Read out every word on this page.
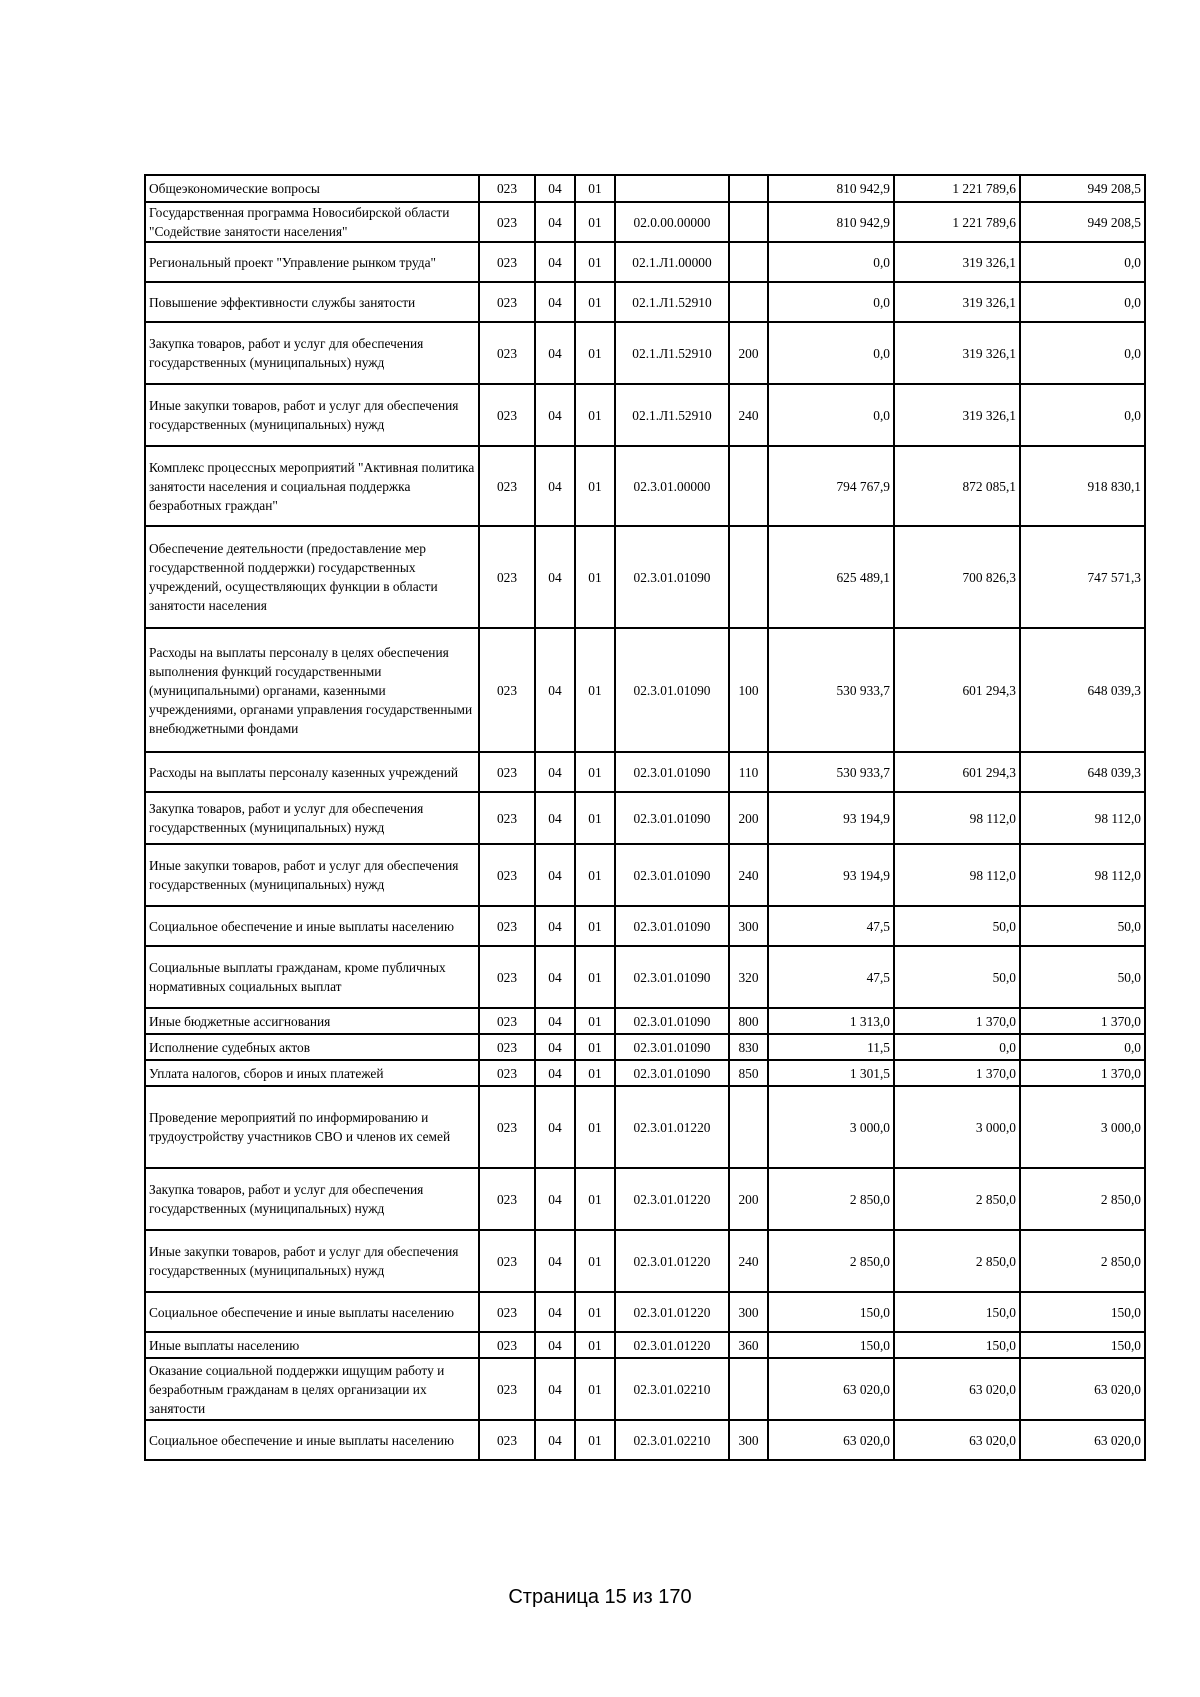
Общеэкономические вопросы	023	04	01			810 942,9	1 221 789,6	949 208,5
Государственная программа Новосибирской области "Содействие занятости населения"	023	04	01	02.0.00.00000		810 942,9	1 221 789,6	949 208,5
Региональный проект "Управление рынком труда"	023	04	01	02.1.Л1.00000		0,0	319 326,1	0,0
Повышение эффективности службы занятости	023	04	01	02.1.Л1.52910		0,0	319 326,1	0,0
Закупка товаров, работ и услуг для обеспечения государственных (муниципальных) нужд	023	04	01	02.1.Л1.52910	200	0,0	319 326,1	0,0
Иные закупки товаров, работ и услуг для обеспечения государственных (муниципальных) нужд	023	04	01	02.1.Л1.52910	240	0,0	319 326,1	0,0
Комплекс процессных мероприятий "Активная политика занятости населения и социальная поддержка безработных граждан"	023	04	01	02.3.01.00000		794 767,9	872 085,1	918 830,1
Обеспечение деятельности (предоставление мер государственной поддержки) государственных учреждений, осуществляющих функции в области занятости населения	023	04	01	02.3.01.01090		625 489,1	700 826,3	747 571,3
Расходы на выплаты персоналу в целях обеспечения выполнения функций государственными (муниципальными) органами, казенными учреждениями, органами управления государственными внебюджетными фондами	023	04	01	02.3.01.01090	100	530 933,7	601 294,3	648 039,3
Расходы на выплаты персоналу казенных учреждений	023	04	01	02.3.01.01090	110	530 933,7	601 294,3	648 039,3
Закупка товаров, работ и услуг для обеспечения государственных (муниципальных) нужд	023	04	01	02.3.01.01090	200	93 194,9	98 112,0	98 112,0
Иные закупки товаров, работ и услуг для обеспечения государственных (муниципальных) нужд	023	04	01	02.3.01.01090	240	93 194,9	98 112,0	98 112,0
Социальное обеспечение и иные выплаты населению	023	04	01	02.3.01.01090	300	47,5	50,0	50,0
Социальные выплаты гражданам, кроме публичных нормативных социальных выплат	023	04	01	02.3.01.01090	320	47,5	50,0	50,0
Иные бюджетные ассигнования	023	04	01	02.3.01.01090	800	1 313,0	1 370,0	1 370,0
Исполнение судебных актов	023	04	01	02.3.01.01090	830	11,5	0,0	0,0
Уплата налогов, сборов и иных платежей	023	04	01	02.3.01.01090	850	1 301,5	1 370,0	1 370,0
Проведение мероприятий по информированию и трудоустройству участников СВО и членов их семей	023	04	01	02.3.01.01220		3 000,0	3 000,0	3 000,0
Закупка товаров, работ и услуг для обеспечения государственных (муниципальных) нужд	023	04	01	02.3.01.01220	200	2 850,0	2 850,0	2 850,0
Иные закупки товаров, работ и услуг для обеспечения государственных (муниципальных) нужд	023	04	01	02.3.01.01220	240	2 850,0	2 850,0	2 850,0
Социальное обеспечение и иные выплаты населению	023	04	01	02.3.01.01220	300	150,0	150,0	150,0
Иные выплаты населению	023	04	01	02.3.01.01220	360	150,0	150,0	150,0
Оказание социальной поддержки ищущим работу и безработным гражданам в целях организации их занятости	023	04	01	02.3.01.02210		63 020,0	63 020,0	63 020,0
Социальное обеспечение и иные выплаты населению	023	04	01	02.3.01.02210	300	63 020,0	63 020,0	63 020,0
Страница 15 из 170
